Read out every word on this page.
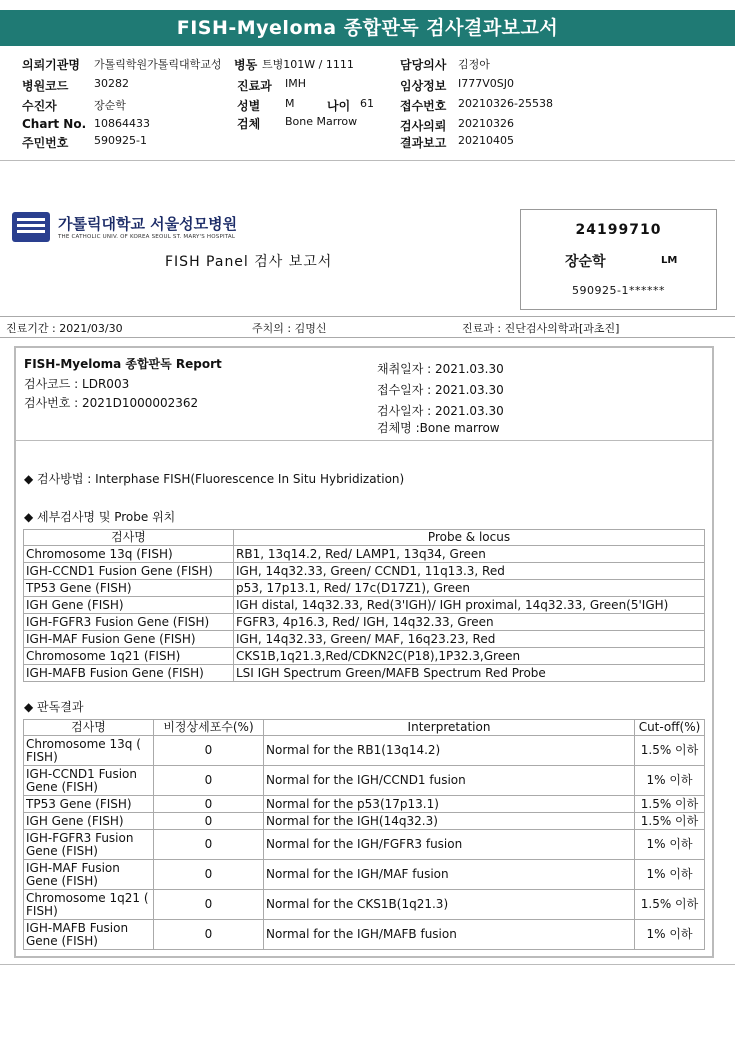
FISH-Myeloma 종합판독 검사결과보고서
의뢰기관명 가톨릭학원가톨릭대학교성 병동 트병101W / 1111	담당의사 김정아
병원코드 30282	진료과 IMH	임상정보 I777V0SJ0
수진자	장순학	성별 M	나이 61 접수번호 20210326-25538
Chart No. 10864433	검체 Bone Marrow	검사의뢰 20210326
주민번호 590925-1	결과보고 20210405
가톨릭대학교 서울성모병원
THE CATHOLIC UNIV. OF KOREA SEOUL ST. MARY'S HOSPITAL
FISH Panel 검사 보고서
24199710
장순학	LM
590925-1******
진료기간 : 2021/03/30	주치의 : 김명신	진료과 : 진단검사의학과[과초진]
FISH-Myeloma 종합판독 Report
검사코드 : LDR003
검사번호 : 2021D1000002362
채취일자 : 2021.03.30
접수일자 : 2021.03.30
검사일자 : 2021.03.30
검체명 :Bone marrow
◆ 검사방법 : Interphase FISH(Fluorescence In Situ Hybridization)
◆ 세부검사명 및 Probe 위치
검사명	Probe & locus
Chromosome 13q (FISH)	RB1, 13q14.2, Red/ LAMP1, 13q34, Green
IGH-CCND1 Fusion Gene (FISH)	IGH, 14q32.33, Green/ CCND1, 11q13.3, Red
TP53 Gene (FISH)	p53, 17p13.1, Red/ 17c(D17Z1), Green
IGH Gene (FISH)	IGH distal, 14q32.33, Red(3'IGH)/ IGH proximal, 14q32.33, Green(5'IGH)
IGH-FGFR3 Fusion Gene (FISH)	FGFR3, 4p16.3, Red/ IGH, 14q32.33, Green
IGH-MAF Fusion Gene (FISH)	IGH, 14q32.33, Green/ MAF, 16q23.23, Red
Chromosome 1q21 (FISH)	CKS1B,1q21.3,Red/CDKN2C(P18),1P32.3,Green
IGH-MAFB Fusion Gene (FISH)	LSI IGH Spectrum Green/MAFB Spectrum Red Probe
◆ 판독결과
검사명	비정상세포수(%)	Interpretation	Cut-off(%)
Chromosome 13q ( FISH)	0	Normal for the RB1(13q14.2)	1.5% 이하
IGH-CCND1 Fusion Gene (FISH)	0	Normal for the IGH/CCND1 fusion	1% 이하
TP53 Gene (FISH)	0	Normal for the p53(17p13.1)	1.5% 이하
IGH Gene (FISH)	0	Normal for the IGH(14q32.3)	1.5% 이하
IGH-FGFR3 Fusion Gene (FISH)	0	Normal for the IGH/FGFR3 fusion	1% 이하
IGH-MAF Fusion Gene (FISH)	0	Normal for the IGH/MAF fusion	1% 이하
Chromosome 1q21 ( FISH)	0	Normal for the CKS1B(1q21.3)	1.5% 이하
IGH-MAFB Fusion Gene (FISH)	0	Normal for the IGH/MAFB fusion	1% 이하
